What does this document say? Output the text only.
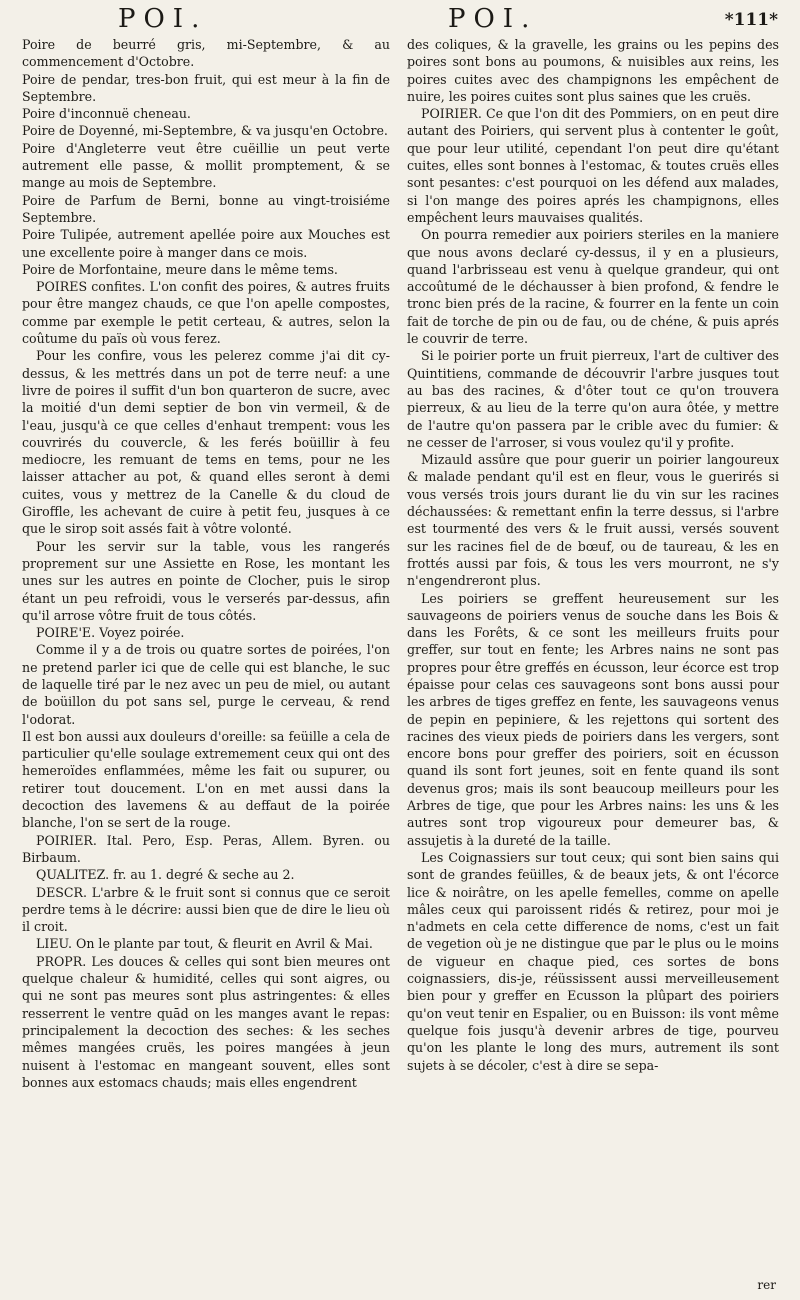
POI.	POI.	*111*

Poire de beurré gris, mi-Septembre, & au commencement d'Octobre.

Poire de pendar, tres-bon fruit, qui est meur à la fin de Septembre.

Poire d'inconnuë cheneau.

Poire de Doyenné, mi-Septembre, & va jusqu'en Octobre.

Poire d'Angleterre veut être cuëillie un peut verte autrement elle passe, & mollit promptement, & se mange au mois de Septembre.

Poire de Parfum de Berni, bonne au vingt-troisiéme Septembre.

Poire Tulipée, autrement apellée poire aux Mouches est une excellente poire à manger dans ce mois.

Poire de Morfontaine, meure dans le même tems.

POIRES confites. L'on confit des poires, & autres fruits pour être mangez chauds, ce que l'on apelle compostes, comme par exemple le petit certeau, & autres, selon la coûtume du païs où vous ferez.

Pour les confire, vous les pelerez comme j'ai dit cy-dessus, & les mettrés dans un pot de terre neuf: a une livre de poires il suffit d'un bon quarteron de sucre, avec la moitié d'un demi septier de bon vin vermeil, & de l'eau, jusqu'à ce que celles d'enhaut trempent: vous les couvrirés du couvercle, & les ferés boüillir à feu mediocre, les remuant de tems en tems, pour ne les laisser attacher au pot, & quand elles seront à demi cuites, vous y mettrez de la Canelle & du cloud de Giroffle, les achevant de cuire à petit feu, jusques à ce que le sirop soit assés fait à vôtre volonté.

Pour les servir sur la table, vous les rangerés proprement sur une Assiette en Rose, les montant les unes sur les autres en pointe de Clocher, puis le sirop étant un peu refroidi, vous le verserés par-dessus, afin qu'il arrose vôtre fruit de tous côtés.

POIRE'E. Voyez poirée.

Comme il y a de trois ou quatre sortes de poirées, l'on ne pretend parler ici que de celle qui est blanche, le suc de laquelle tiré par le nez avec un peu de miel, ou autant de boüillon du pot sans sel, purge le cerveau, & rend l'odorat.

Il est bon aussi aux douleurs d'oreille: sa feüille a cela de particulier qu'elle soulage extremement ceux qui ont des hemeroïdes enflammées, même les fait ou supurer, ou retirer tout doucement. L'on en met aussi dans la decoction des lavemens & au deffaut de la poirée blanche, l'on se sert de la rouge.

POIRIER. Ital. Pero, Esp. Peras, Allem. Byren. ou Birbaum.

QUALITEZ. fr. au 1. degré & seche au 2.

DESCR. L'arbre & le fruit sont si connus que ce seroit perdre tems à le décrire: aussi bien que de dire le lieu où il croit.

LIEU. On le plante par tout, & fleurit en Avril & Mai.

PROPR. Les douces & celles qui sont bien meures ont quelque chaleur & humidité, celles qui sont aigres, ou qui ne sont pas meures sont plus astringentes: & elles resserrent le ventre quād on les manges avant le repas: principalement la decoction des seches: & les seches mêmes mangées cruës, les poires mangées à jeun nuisent à l'estomac en mangeant souvent, elles sont bonnes aux estomacs chauds; mais elles engendrent

des coliques, & la gravelle, les grains ou les pepins des poires sont bons au poumons, & nuisibles aux reins, les poires cuites avec des champignons les empêchent de nuire, les poires cuites sont plus saines que les cruës.

POIRIER. Ce que l'on dit des Pommiers, on en peut dire autant des Poiriers, qui servent plus à contenter le goût, que pour leur utilité, cependant l'on peut dire qu'étant cuites, elles sont bonnes à l'estomac, & toutes cruës elles sont pesantes: c'est pourquoi on les défend aux malades, si l'on mange des poires aprés les champignons, elles empêchent leurs mauvaises qualités.

On pourra remedier aux poiriers steriles en la maniere que nous avons declaré cy-dessus, il y en a plusieurs, quand l'arbrisseau est venu à quelque grandeur, qui ont accoûtumé de le déchausser à bien profond, & fendre le tronc bien prés de la racine, & fourrer en la fente un coin fait de torche de pin ou de fau, ou de chéne, & puis aprés le couvrir de terre.

Si le poirier porte un fruit pierreux, l'art de cultiver des Quintitiens, commande de découvrir l'arbre jusques tout au bas des racines, & d'ôter tout ce qu'on trouvera pierreux, & au lieu de la terre qu'on aura ôtée, y mettre de l'autre qu'on passera par le crible avec du fumier: & ne cesser de l'arroser, si vous voulez qu'il y profite.

Mizauld assûre que pour guerir un poirier langoureux & malade pendant qu'il est en fleur, vous le guerirés si vous versés trois jours durant lie du vin sur les racines déchaussées: & remettant enfin la terre dessus, si l'arbre est tourmenté des vers & le fruit aussi, versés souvent sur les racines fiel de de bœuf, ou de taureau, & les en frottés aussi par fois, & tous les vers mourront, ne s'y n'engendreront plus.

Les poiriers se greffent heureusement sur les sauvageons de poiriers venus de souche dans les Bois & dans les Forêts, & ce sont les meilleurs fruits pour greffer, sur tout en fente; les Arbres nains ne sont pas propres pour être greffés en écusson, leur écorce est trop épaisse pour celas ces sauvageons sont bons aussi pour les arbres de tiges greffez en fente, les sauvageons venus de pepin en pepiniere, & les rejettons qui sortent des racines des vieux pieds de poiriers dans les vergers, sont encore bons pour greffer des poiriers, soit en écusson quand ils sont fort jeunes, soit en fente quand ils sont devenus gros; mais ils sont beaucoup meilleurs pour les Arbres de tige, que pour les Arbres nains: les uns & les autres sont trop vigoureux pour demeurer bas, & assujetis à la dureté de la taille.

Les Coignassiers sur tout ceux; qui sont bien sains qui sont de grandes feüilles, & de beaux jets, & ont l'écorce lice & noirâtre, on les apelle femelles, comme on apelle mâles ceux qui paroissent ridés & retirez, pour moi je n'admets en cela cette difference de noms, c'est un fait de vegetion où je ne distingue que par le plus ou le moins de vigueur en chaque pied, ces sortes de bons coignassiers, dis-je, réüssissent aussi merveilleusement bien pour y greffer en Ecusson la plûpart des poiriers qu'on veut tenir en Espalier, ou en Buisson: ils vont même quelque fois jusqu'à devenir arbres de tige, pourveu qu'on les plante le long des murs, autrement ils sont sujets à se décoler, c'est à dire se sepa-

rer
